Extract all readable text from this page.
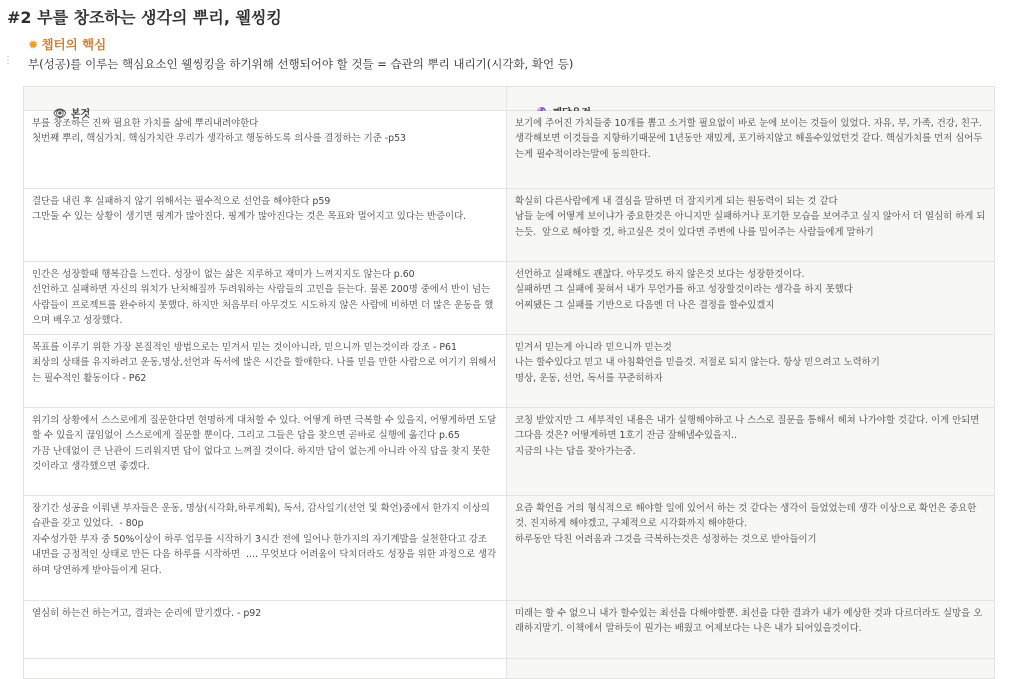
#2 부를 창조하는 생각의 뿌리, 웰씽킹
⋮
✹ 챕터의 핵심
부(성공)를 이루는 핵심요소인 웰씽킹을 하기위해 선행되어야 할 것들 = 습관의 뿌리 내리기(시각화, 확언 등)

👁 본것

부를 창조하는 진짜 필요한 가치를 삶에 뿌리내려야한다
첫번째 뿌리, 핵심가치. 핵심가치란 우리가 생각하고 행동하도록 의사를 결정하는 기준 -p53
보기에 주어진 가치들중 10개를 뽑고 소거할 필요없이 바로 눈에 보이는 것들이 있었다. 자유, 부, 가족, 건강, 친구. 생각해보면 이것들을 지향하기때문에 1년동안 재밌게, 포기하지않고 해올수있었던것 같다. 핵심가치를 먼저 심어두는게 필수적이라는말에 동의한다.
결단을 내린 후 실패하지 않기 위해서는 필수적으로 선언을 해야한다 p59
그만둘 수 있는 상황이 생기면 핑계가 많아진다. 핑계가 많아진다는 것은 목표와 멀어지고 있다는 반증이다.
확실히 다른사람에게 내 결심을 말하면 더 잘지키게 되는 원동력이 되는 것 같다
남들 눈에 어떻게 보이냐가 중요한것은 아니지만 실패하거나 포기한 모습을 보여주고 싶지 않아서 더 열심히 하게 되는듯.  앞으로 해야할 것, 하고싶은 것이 있다면 주변에 나를 밀어주는 사람들에게 말하기
인간은 성장할때 행복감을 느낀다. 성장이 없는 삶은 지루하고 재미가 느껴지지도 않는다 p.60
선언하고 실패하면 자신의 위치가 난처해질까 두려워하는 사람들의 고민을 듣는다. 물론 200명 중에서 반이 넘는 사람들이 프로젝트를 완수하지 못했다. 하지만 처음부터 아무것도 시도하지 않은 사람에 비하면 더 많은 운동을 했으며 배우고 성장했다.
선언하고 실패해도 괜찮다. 아무것도 하지 않은것 보다는 성장한것이다.
실패하면 그 실패에 꽂혀서 내가 무언가를 하고 성장할것이라는 생각을 하지 못했다
어찌됐든 그 실패를 기반으로 다음엔 더 나은 결정을 할수있겠지
목표를 이루기 위한 가장 본질적인 방법으로는 믿겨서 믿는 것이아니라, 믿으니까 믿는것이라 강조 - P61
최상의 상태를 유지하려고 운동,명상,선언과 독서에 많은 시간을 할애한다. 나를 믿을 만한 사람으로 여기기 위해서는 필수적인 활동이다 - P62
믿겨서 믿는게 아니라 믿으니까 믿는것
나는 할수있다고 믿고 내 아침확언을 믿을것. 저절로 되지 않는다. 항상 믿으려고 노력하기
명상, 운동, 선언, 독서를 꾸준히하자
위기의 상황에서 스스로에게 질문한다면 현명하게 대처할 수 있다. 어떻게 하면 극복할 수 있을지, 어떻게하면 도달할 수 있을지 끊임없이 스스로에게 질문할 뿐이다. 그리고 그들은 답을 찾으면 곧바로 실행에 옮긴다 p.65
가끔 난데없이 큰 난관이 드리워지면 답이 없다고 느껴질 것이다. 하지만 답이 없는게 아니라 아직 답을 찾지 못한것이라고 생각했으면 좋겠다.
코칭 받았지만 그 세부적인 내용은 내가 실행해야하고 나 스스로 질문을 통해서 헤쳐 나가야할 것같다. 이게 안되면 그다음 것은? 어떻게하면 1호기 잔금 잘해낼수있을지..
지금의 나는 답을 찾아가는중.
장기간 성공을 이뤄낸 부자들은 운동, 명상(시각화,하루계획), 독서, 감사일기(선언 및 확언)중에서 한가지 이상의습관을 갖고 있었다.  - 80p
자수성가한 부자 중 50%이상이 하루 업무를 시작하기 3시간 전에 일어나 한가지의 자기계발을 실천한다고 강조
내면을 긍정적인 상태로 만든 다음 하루를 시작하면  .... 무엇보다 어려움이 닥치더라도 성장을 위한 과정으로 생각하며 당연하게 받아들이게 된다.
요즘 확언을 거의 형식적으로 해야할 일에 있어서 하는 것 같다는 생각이 들었었는데 생각 이상으로 확언은 중요한 것. 진지하게 해야겠고, 구체적으로 시각화까지 해야한다.
하루동안 닥친 어려움과 그것을 극복하는것은 성정하는 것으로 받아들이기
열심히 하는건 하는거고, 결과는 순리에 맡기겠다. - p92	미래는 할 수 없으니 내가 할수있는 최선을 다해야할뿐. 최선을 다한 결과가 내가 예상한 것과 다르더라도 실망을 오래하지말기. 이책에서 말하듯이 뭔가는 배웠고 어제보다는 나은 내가 되어있을것이다.
